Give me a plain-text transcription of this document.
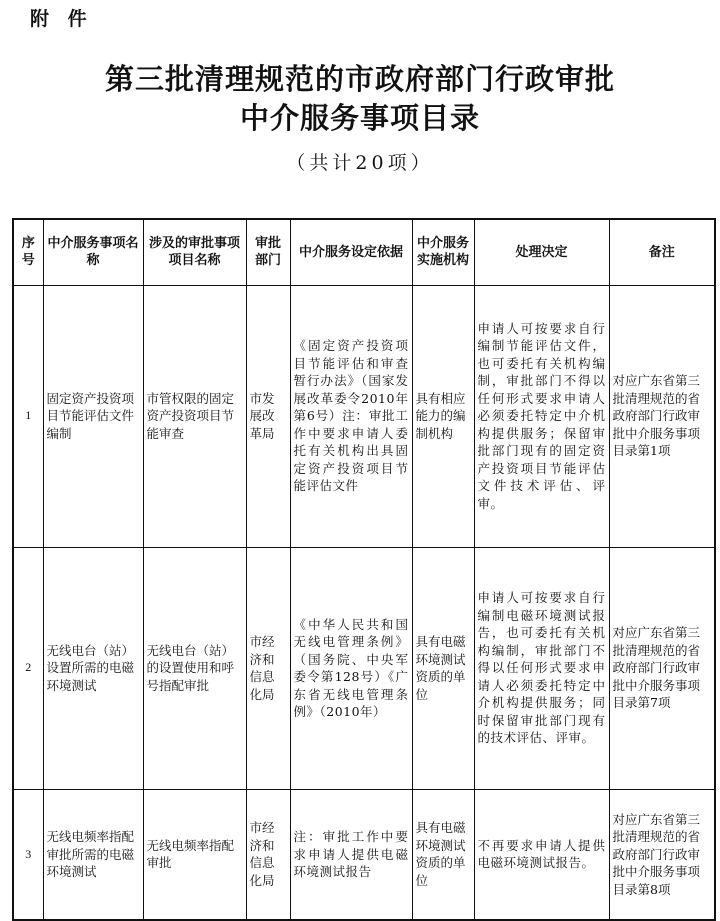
附 件
第三批清理规范的市政府部门行政审批
中介服务事项目录
（共计20项）
序号	中介服务事项名称	涉及的审批事项项目名称	审批部门	中介服务设定依据	中介服务实施机构	处理决定	备注
1	固定资产投资项目节能评估文件编制	市管权限的固定资产投资项目节能审查	市发展改革局	《固定资产投资项目节能评估和审查暂行办法》（国家发展改革委令2010年第6号）注：审批工作中要求申请人委托有关机构出具固定资产投资项目节能评估文件	具有相应能力的编制机构	申请人可按要求自行编制节能评估文件，也可委托有关机构编制，审批部门不得以任何形式要求申请人必须委托特定中介机构提供服务；保留审批部门现有的固定资产投资项目节能评估文件技术评估、评审。	对应广东省第三批清理规范的省政府部门行政审批中介服务事项目录第1项
2	无线电台（站）设置所需的电磁环境测试	无线电台（站）的设置使用和呼号指配审批	市经济和信息化局	《中华人民共和国无线电管理条例》（国务院、中央军委令第128号）《广东省无线电管理条例》（2010年）	具有电磁环境测试资质的单位	申请人可按要求自行编制电磁环境测试报告，也可委托有关机构编制，审批部门不得以任何形式要求申请人必须委托特定中介机构提供服务；同时保留审批部门现有的技术评估、评审。	对应广东省第三批清理规范的省政府部门行政审批中介服务事项目录第7项
3	无线电频率指配审批所需的电磁环境测试	无线电频率指配审批	市经济和信息化局	注：审批工作中要求申请人提供电磁环境测试报告	具有电磁环境测试资质的单位	不再要求申请人提供电磁环境测试报告。	对应广东省第三批清理规范的省政府部门行政审批中介服务事项目录第8项
